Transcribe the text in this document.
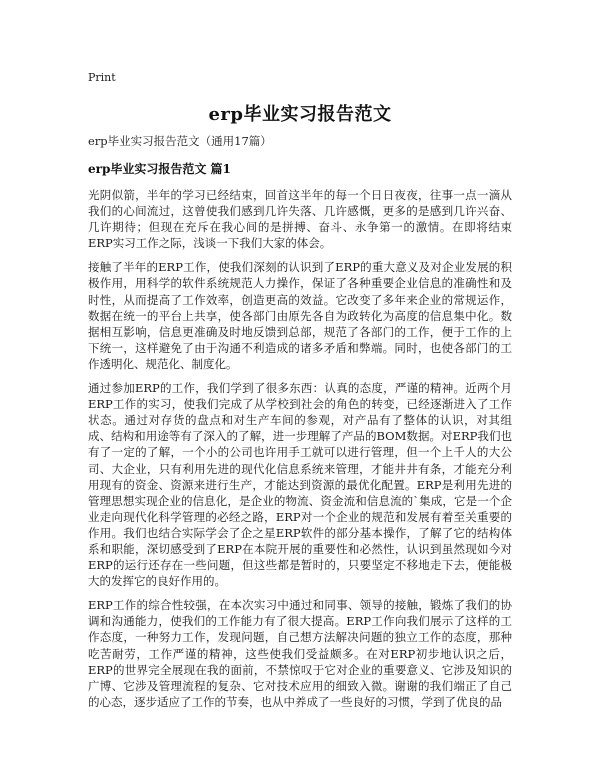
Print
erp毕业实习报告范文
erp毕业实习报告范文（通用17篇）
erp毕业实习报告范文 篇1

光阴似箭，半年的学习已经结束，回首这半年的每一个日日夜夜，往事一点一滴从我们的心间流过，这曾使我们感到几许失落、几许感慨，更多的是感到几许兴奋、几许期待；但现在充斥在我心间的是拼搏、奋斗、永争第一的激情。在即将结束ERP实习工作之际，浅谈一下我们大家的体会。

接触了半年的ERP工作，使我们深刻的认识到了ERP的重大意义及对企业发展的积极作用，用科学的软件系统规范人力操作，保证了各种重要企业信息的准确性和及时性，从而提高了工作效率，创造更高的效益。它改变了多年来企业的常规运作，数据在统一的平台上共享，使各部门由原先各自为政转化为高度的信息集中化。数据相互影响，信息更准确及时地反馈到总部，规范了各部门的工作，便于工作的上下统一，这样避免了由于沟通不利造成的诸多矛盾和弊端。同时，也使各部门的工作透明化、规范化、制度化。

通过参加ERP的工作，我们学到了很多东西：认真的态度，严谨的精神。近两个月ERP工作的实习，使我们完成了从学校到社会的角色的转变，已经逐渐进入了工作状态。通过对存货的盘点和对生产车间的参观，对产品有了整体的认识，对其组成、结构和用途等有了深入的了解，进一步理解了产品的BOM数据。对ERP我们也有了一定的了解，一个小的公司也许用手工就可以进行管理，但一个上千人的大公司、大企业，只有利用先进的现代化信息系统来管理，才能井井有条，才能充分利用现有的资金、资源来进行生产，才能达到资源的最优化配置。ERP是利用先进的管理思想实现企业的信息化，是企业的物流、资金流和信息流的`集成，它是一个企业走向现代化科学管理的必经之路，ERP对一个企业的规范和发展有着至关重要的作用。我们也结合实际学会了企之星ERP软件的部分基本操作，了解了它的结构体系和职能，深切感受到了ERP在本院开展的重要性和必然性，认识到虽然现如今对ERP的运行还存在一些问题，但这些都是暂时的，只要坚定不移地走下去，便能极大的发挥它的良好作用的。

ERP工作的综合性较强，在本次实习中通过和同事、领导的接触，锻炼了我们的协调和沟通能力，使我们的工作能力有了很大提高。ERP工作向我们展示了这样的工作态度，一种努力工作，发现问题，自己想方法解决问题的独立工作的态度，那种吃苦耐劳，工作严谨的精神，这些使我们受益颇多。在对ERP初步地认识之后，ERP的世界完全展现在我的面前，不禁惊叹于它对企业的重要意义、它涉及知识的广博、它涉及管理流程的复杂、它对技术应用的细致入微。谢谢的我们端正了自己的心态，逐步适应了工作的节奏，也从中养成了一些良好的习惯，学到了优良的品
